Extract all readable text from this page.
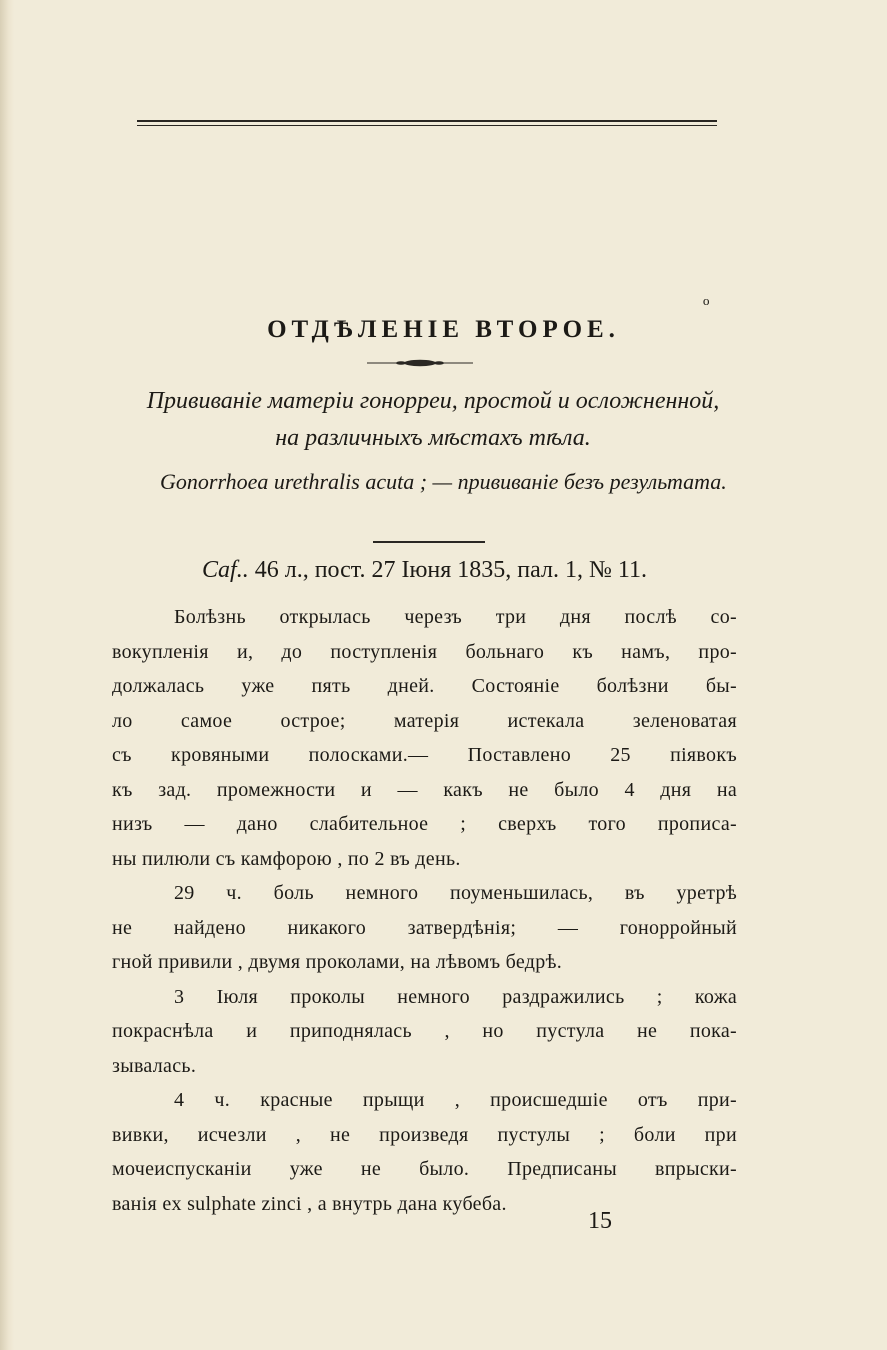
ₒ
ОТДѢЛЕНІЕ ВТОРОЕ.
Прививаніе матеріи гонорреи, простой и осложненной,
на различныхъ мѣстахъ тѣла.
Gonorrhoea urethralis acuta ; — прививаніе безъ результата.
Caf.. 46 л., пост. 27 Іюня 1835, пал. 1, № 11.
Болѣзнь открылась черезъ три дня послѣ со-
вокупленія и, до поступленія больнаго къ намъ, про-
должалась уже пять дней. Состояніе болѣзни бы-
ло самое острое; матерія истекала зеленоватая
съ кровяными полосками.— Поставлено 25 піявокъ
къ зад. промежности и — какъ не было 4 дня на
низъ — дано слабительное ; сверхъ того прописа-
ны пилюли съ камфорою , по 2 въ день.
29 ч. боль немного поуменьшилась, въ уретрѣ
не найдено никакого затвердѣнія; — гонорройный
гной привили , двумя проколами, на лѣвомъ бедрѣ.
3 Іюля проколы немного раздражились ; кожа
покраснѣла и приподнялась , но пустула не пока-
зывалась.
4 ч. красные прыщи , происшедшіе отъ при-
вивки, исчезли , не произведя пустулы ; боли при
мочеиспусканіи уже не было. Предписаны впрыски-
ванія ex sulphate zinci , а внутрь дана кубеба.
15
